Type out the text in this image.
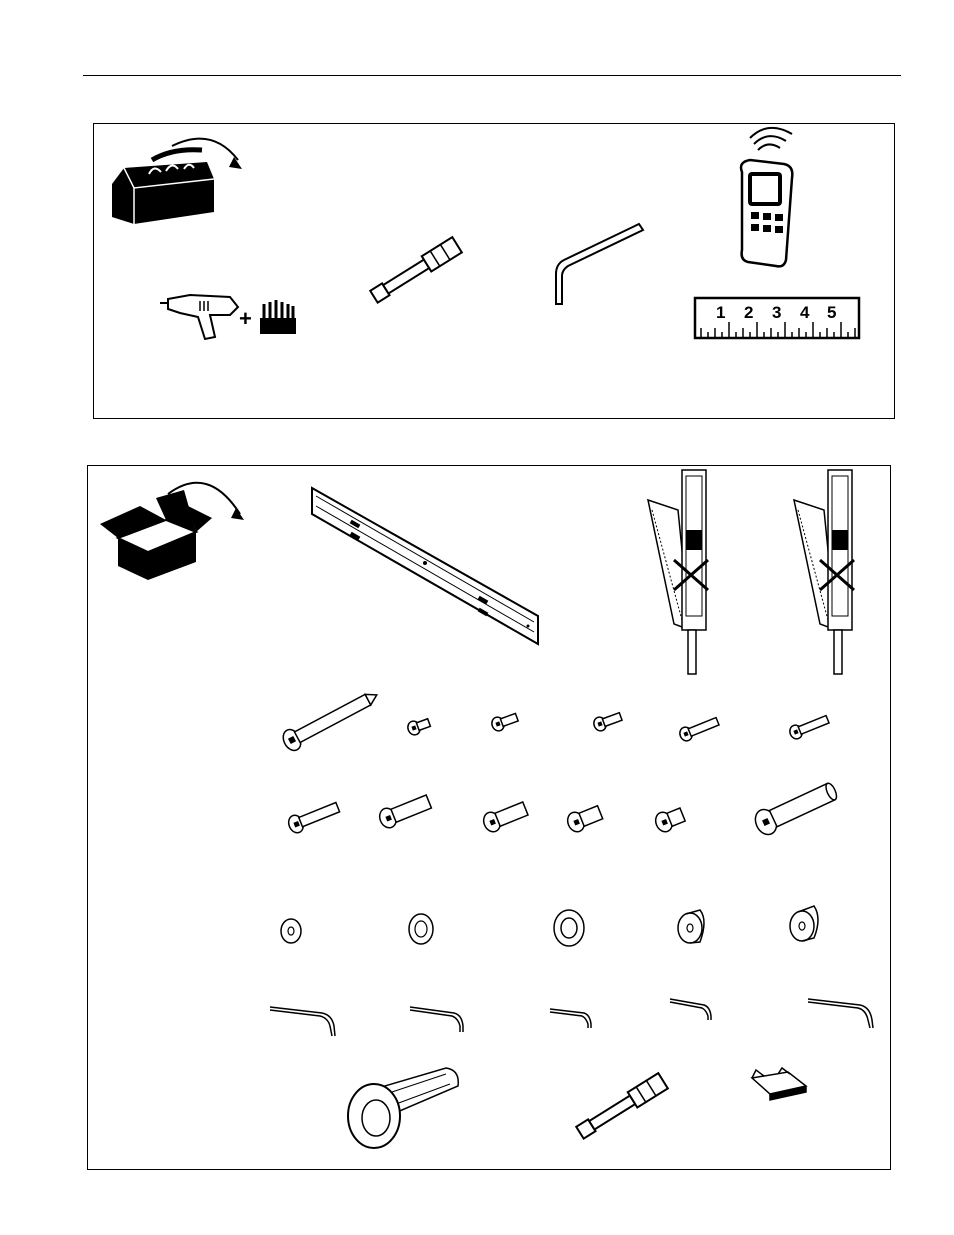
+	1 2 3 4 5
